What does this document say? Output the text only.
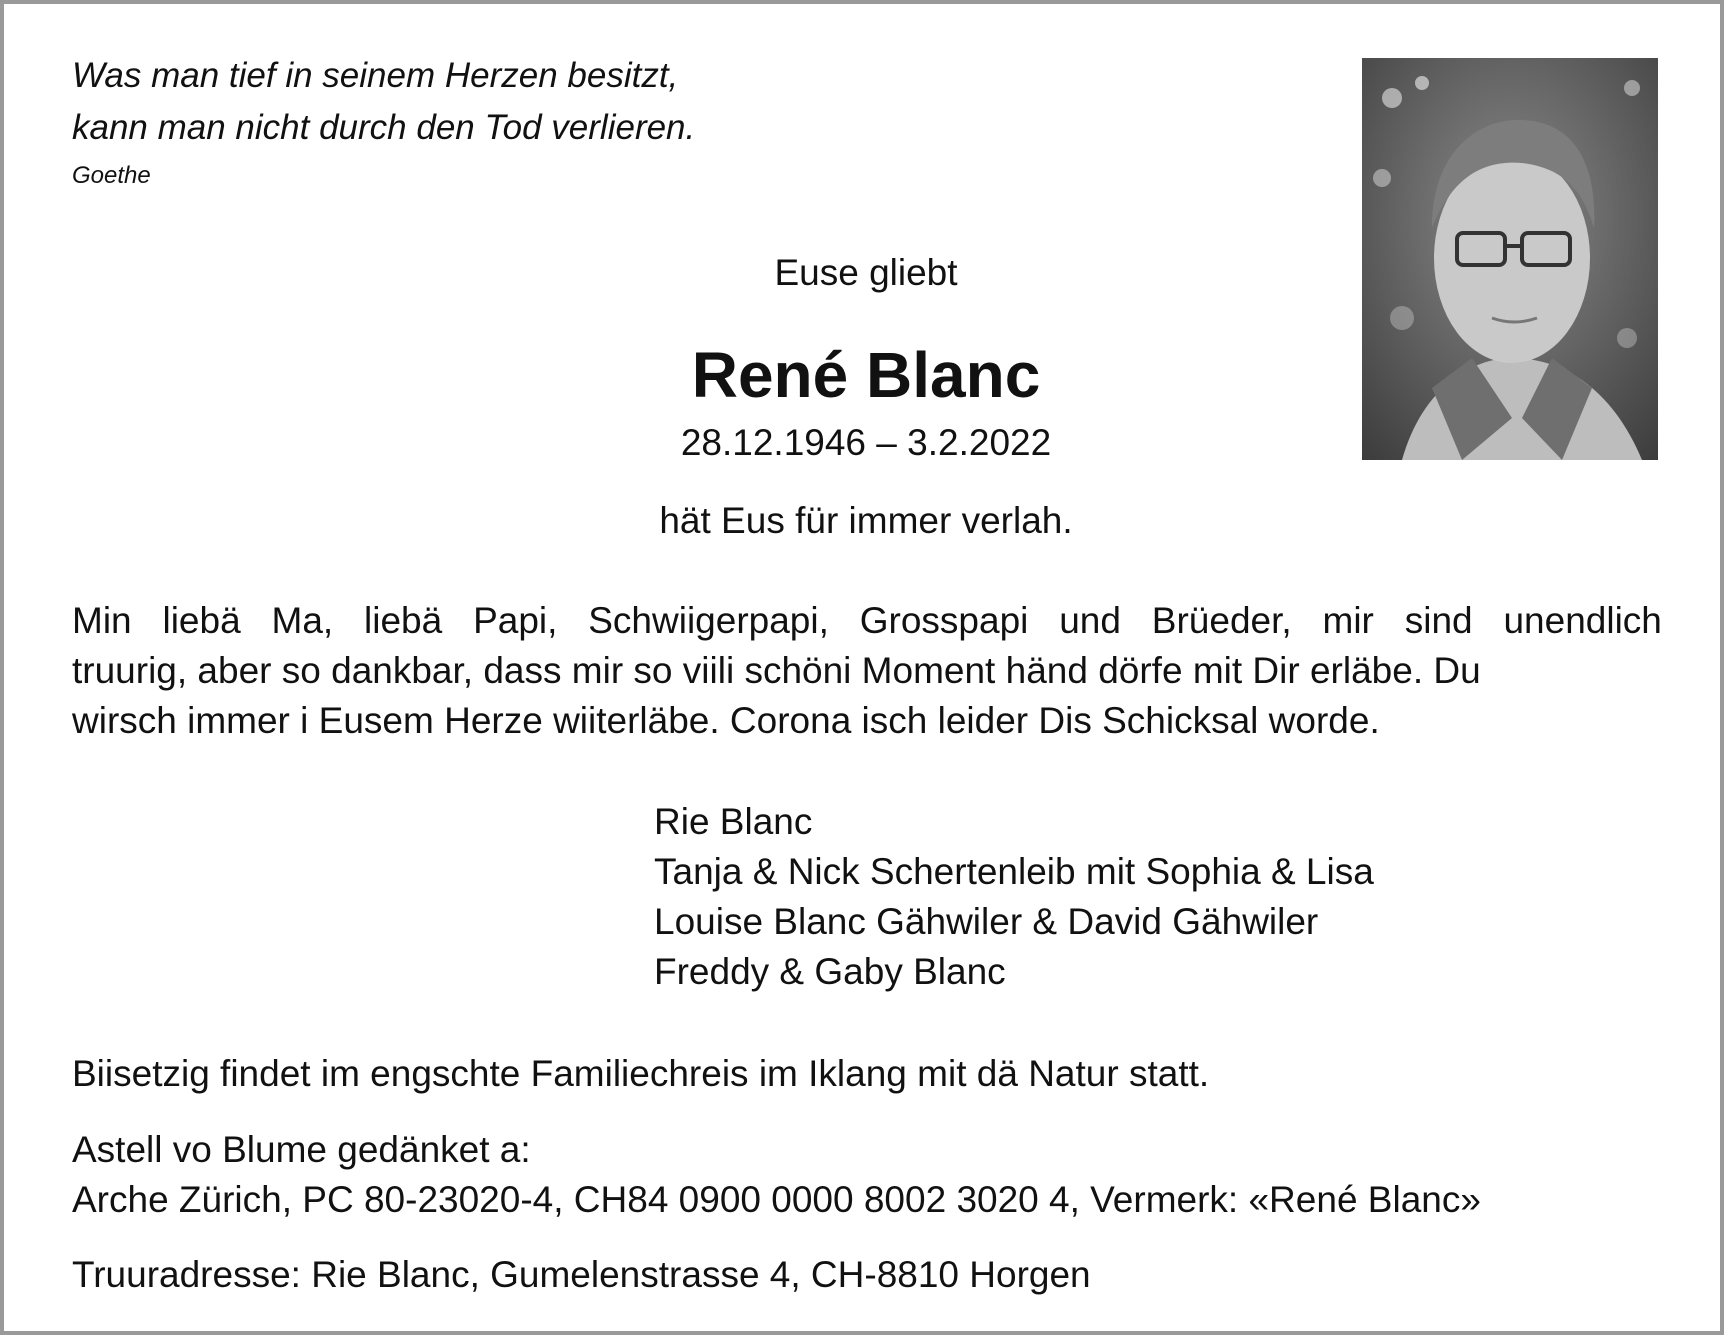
Was man tief in seinem Herzen besitzt,
kann man nicht durch den Tod verlieren.
Goethe
Euse gliebt
René Blanc
28.12.1946 – 3.2.2022
hät Eus für immer verlah.
Min liebä Ma, liebä Papi, Schwiigerpapi, Grosspapi und Brüeder, mir sind unendlich
truurig, aber so dankbar, dass mir so viili schöni Moment händ dörfe mit Dir erläbe. Du
wirsch immer i Eusem Herze wiiterläbe. Corona isch leider Dis Schicksal worde.
Rie Blanc
Tanja & Nick Schertenleib mit Sophia & Lisa
Louise Blanc Gähwiler & David Gähwiler
Freddy & Gaby Blanc
Biisetzig findet im engschte Familiechreis im Iklang mit dä Natur statt.
Astell vo Blume gedänket a:
Arche Zürich, PC 80-23020-4, CH84 0900 0000 8002 3020 4, Vermerk: «René Blanc»
Truuradresse: Rie Blanc, Gumelenstrasse 4, CH-8810 Horgen
